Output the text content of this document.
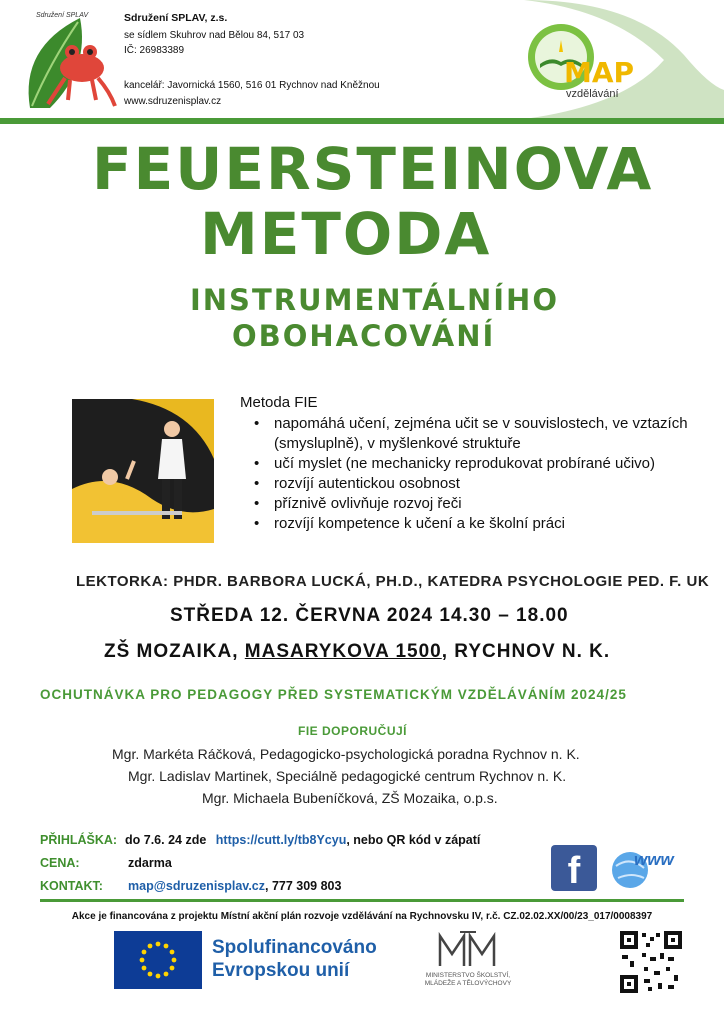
Sdružení SPLAV	Sdružení SPLAV, z.s.
se sídlem Skuhrov nad Bělou 84, 517 03
IČ: 26983389
kancelář: Javornická 1560, 516 01 Rychnov nad Kněžnou
www.sdruzenisplav.cz
MAP
vzdělávání
FEUERSTEINOVA
METODA
INSTRUMENTÁLNÍHO
OBOHACOVÁNÍ
Metoda FIE
• napomáhá učení, zejména učit se v souvislostech, ve vztazích (smysluplně), v myšlenkové struktuře
• učí myslet (ne mechanicky reprodukovat probírané učivo)
• rozvíjí autentickou osobnost
• příznivě ovlivňuje rozvoj řeči
• rozvíjí kompetence k učení a ke školní práci
LEKTORKA: PHDR. BARBORA LUCKÁ, PH.D., KATEDRA PSYCHOLOGIE PED. F. UK
STŘEDA 12. ČERVNA 2024 14.30 – 18.00
ZŠ MOZAIKA, MASARYKOVA 1500, RYCHNOV N. K.
OCHUTNÁVKA PRO PEDAGOGY PŘED SYSTEMATICKÝM VZDĚLÁVÁNÍM 2024/25
FIE DOPORUČUJÍ
Mgr. Markéta Ráčková, Pedagogicko-psychologická poradna Rychnov n. K.
Mgr. Ladislav Martinek, Speciálně pedagogické centrum Rychnov n. K.
Mgr. Michaela Bubeníčková, ZŠ Mozaika, o.p.s.
PŘIHLÁŠKA: do 7.6. 24 zde https://cutt.ly/tb8Ycyu, nebo QR kód v zápatí
CENA:	zdarma
KONTAKT: map@sdruzenisplav.cz, 777 309 803	f	www
Akce je financována z projektu Místní akční plán rozvoje vzdělávání na Rychnovsku IV, r.č. CZ.02.02.XX/00/23_017/0008397
Spolufinancováno
Evropskou unií	MINISTERSTVO ŠKOLSTVÍ,
MLÁDEŽE A TĚLOVÝCHOVY
